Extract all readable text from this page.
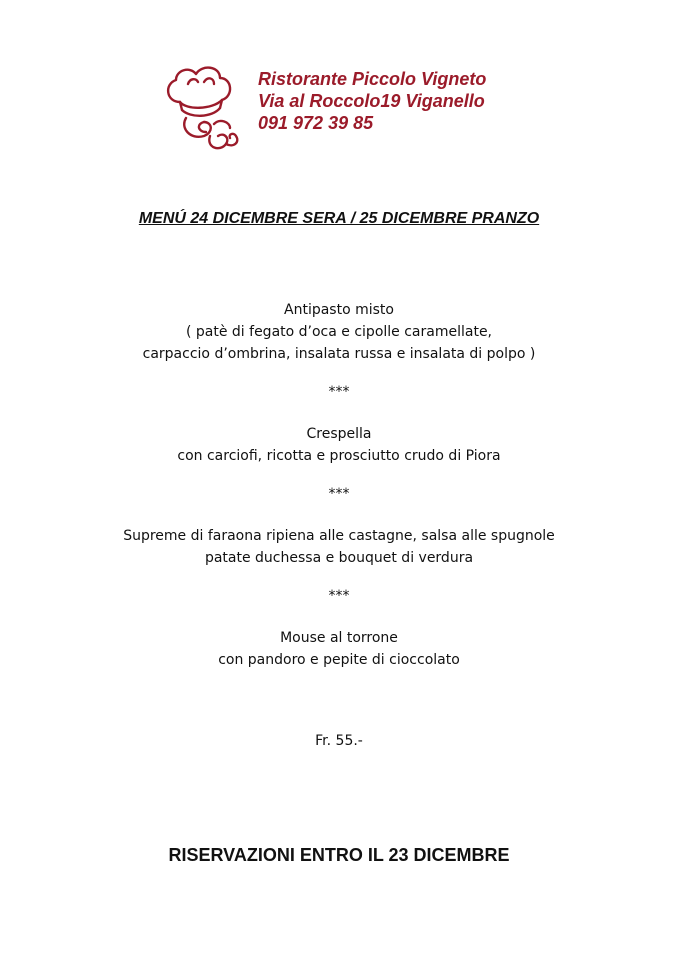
Ristorante Piccolo Vigneto
Via al Roccolo19 Viganello
091 972 39 85
MENÚ 24 DICEMBRE SERA / 25 DICEMBRE PRANZO
Antipasto misto
( patè di fegato d’oca e cipolle caramellate,
carpaccio d’ombrina, insalata russa e insalata di polpo )
***
Crespella
con carciofi, ricotta e prosciutto crudo di Piora
***
Supreme di faraona ripiena alle castagne, salsa alle spugnole
patate duchessa e bouquet di verdura
***
Mouse al torrone
con pandoro e pepite di cioccolato
Fr. 55.-
RISERVAZIONI ENTRO IL 23 DICEMBRE
